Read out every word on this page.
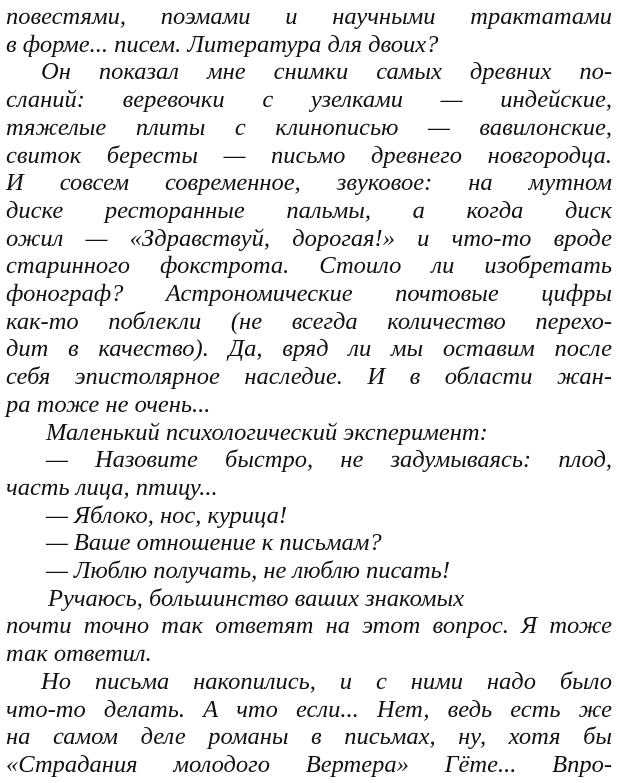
повестями, поэмами и научными трактатами
в форме... писем. Литература для двоих?
Он показал мне снимки самых древних по-
сланий: веревочки с узелками — индейские,
тяжелые плиты с клинописью — вавилонские,
свиток бересты — письмо древнего новгородца.
И совсем современное, звуковое: на мутном
диске ресторанные пальмы, а когда диск
ожил — «Здравствуй, дорогая!» и что-то вроде
старинного фокстрота. Стоило ли изобретать
фонограф? Астрономические почтовые цифры
как-то поблекли (не всегда количество перехо-
дит в качество). Да, вряд ли мы оставим после
себя эпистолярное наследие. И в области жан-
ра тоже не очень...
Маленький психологический эксперимент:
— Назовите быстро, не задумываясь: плод,
часть лица, птицу...
— Яблоко, нос, курица!
— Ваше отношение к письмам?
— Люблю получать, не люблю писать!
Ручаюсь, большинство ваших знакомых
почти точно так ответят на этот вопрос. Я тоже
так ответил.
Но письма накопились, и с ними надо было
что-то делать. А что если... Нет, ведь есть же
на самом деле романы в письмах, ну, хотя бы
«Страдания молодого Вертера» Гёте... Впро-
